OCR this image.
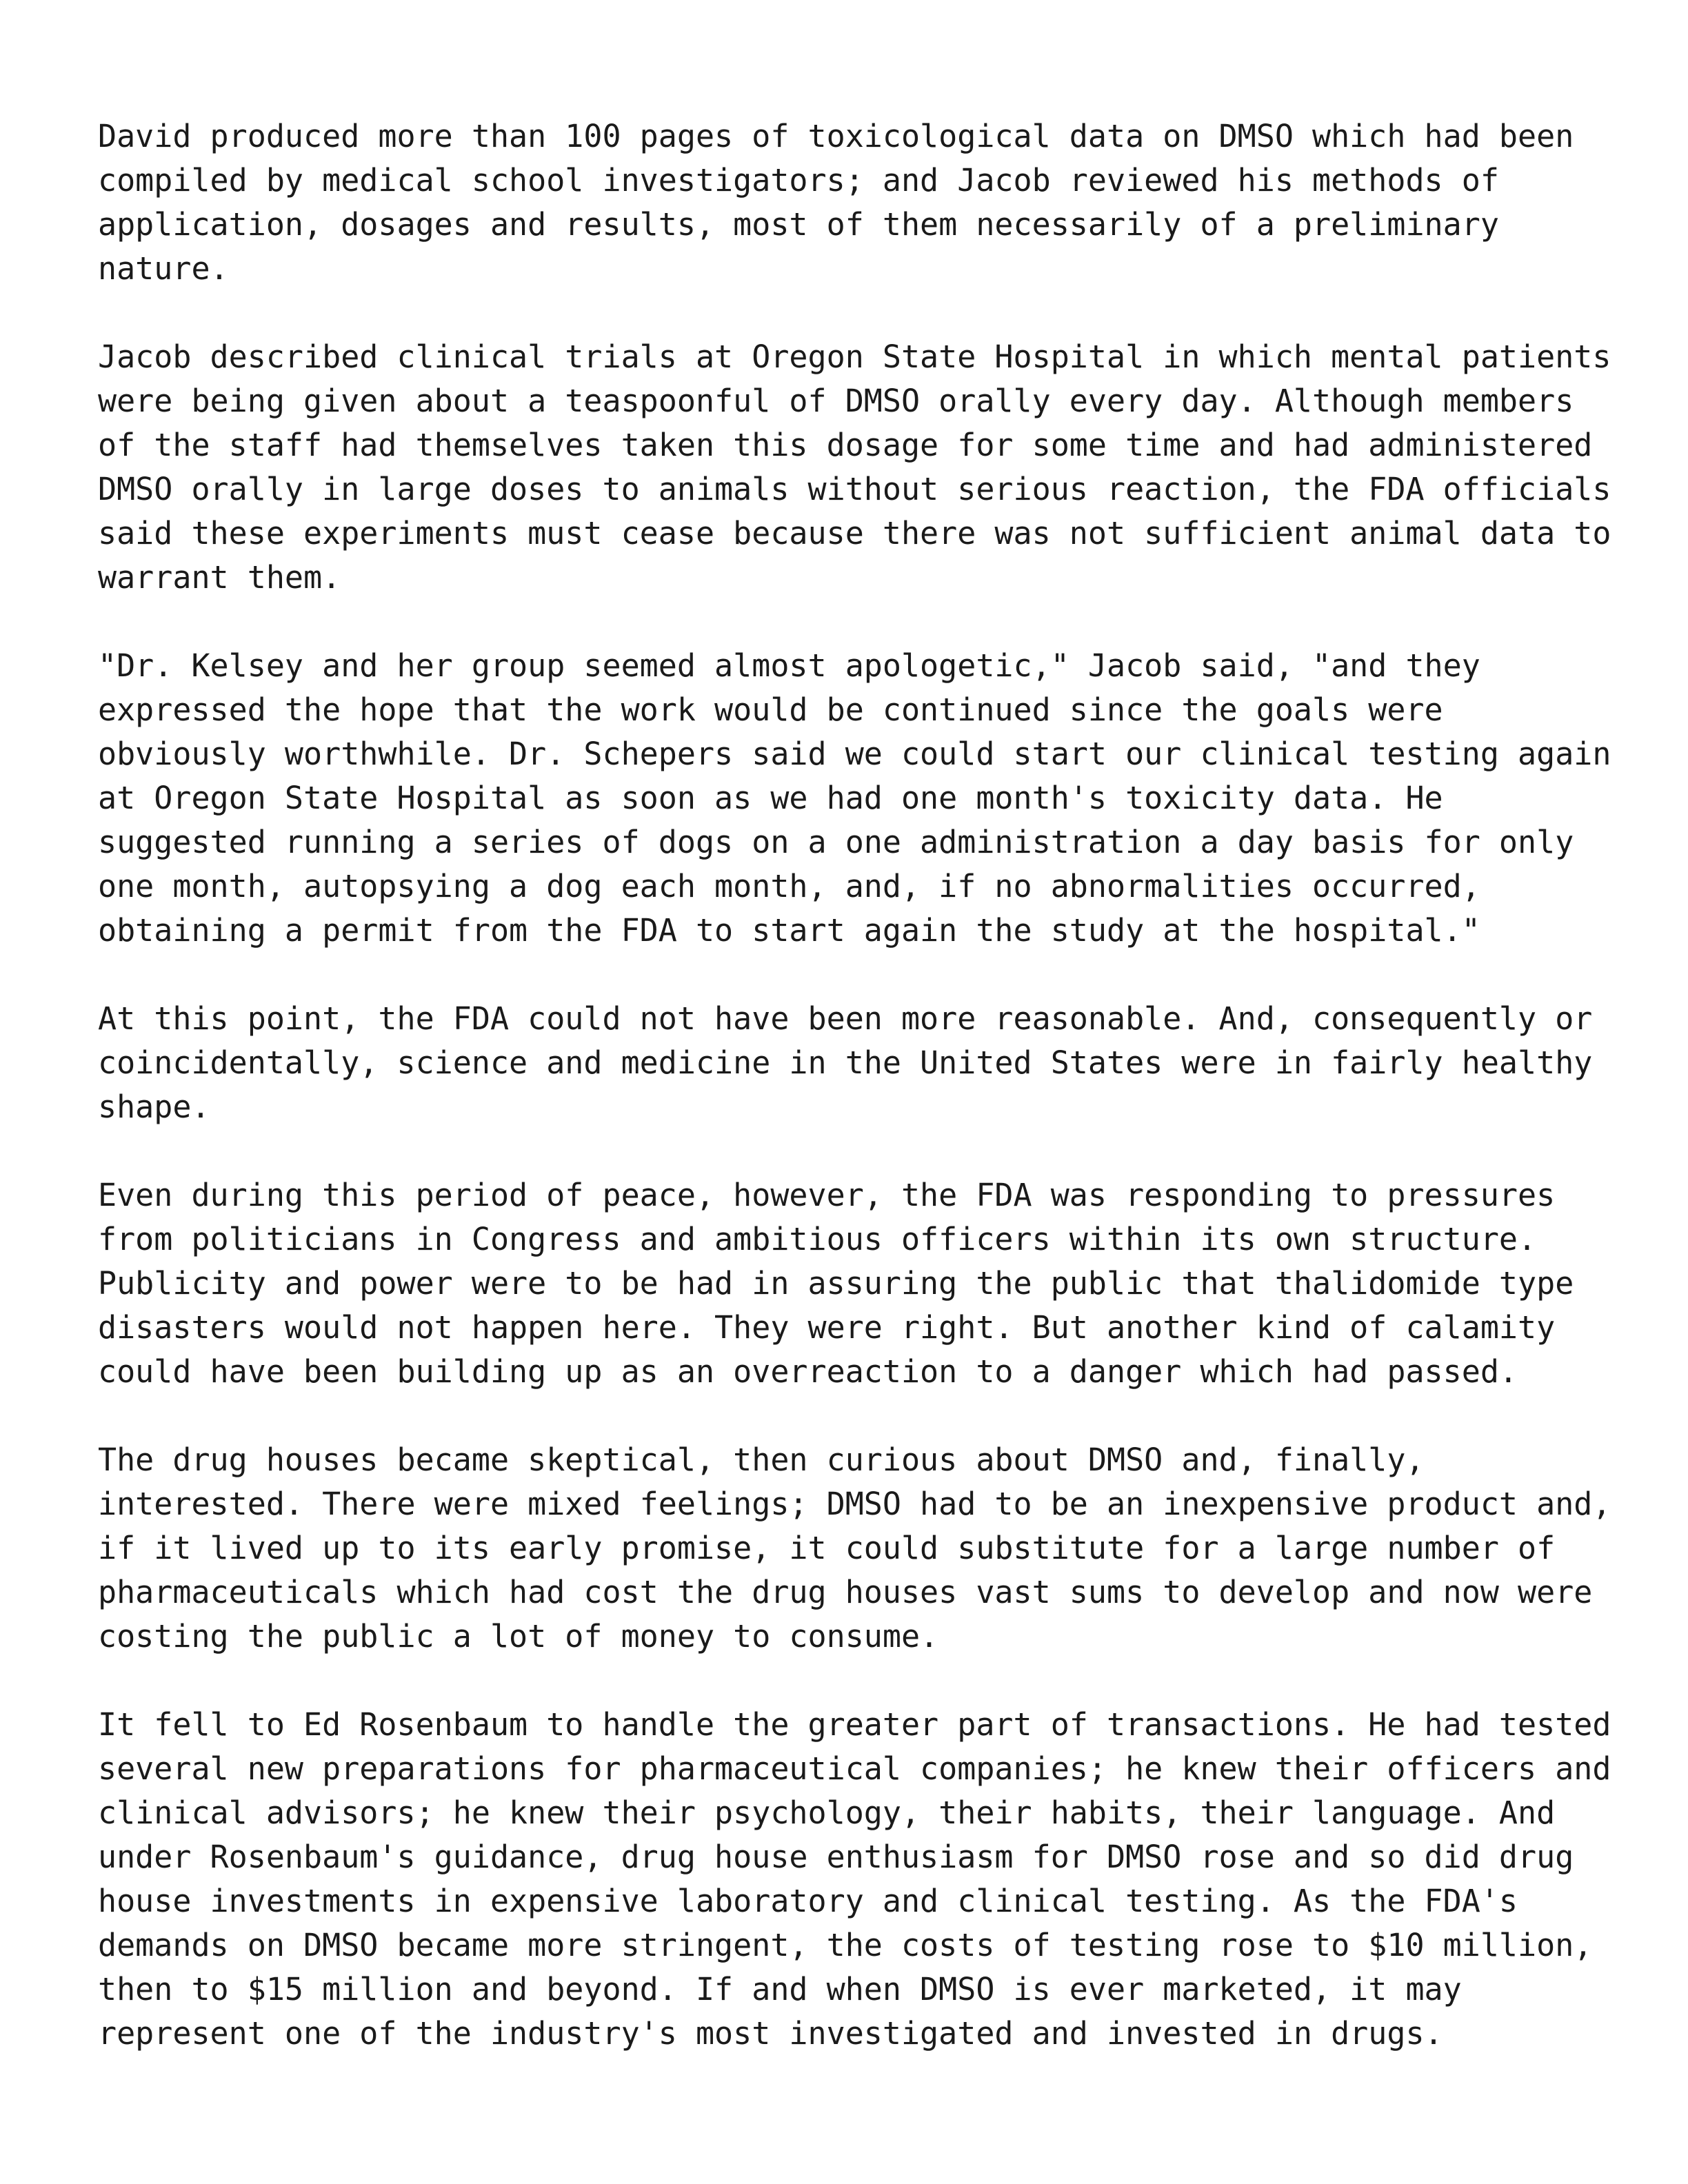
David produced more than 100 pages of toxicological data on DMSO which had been
compiled by medical school investigators; and Jacob reviewed his methods of
application, dosages and results, most of them necessarily of a preliminary
nature.

Jacob described clinical trials at Oregon State Hospital in which mental patients
were being given about a teaspoonful of DMSO orally every day. Although members
of the staff had themselves taken this dosage for some time and had administered
DMSO orally in large doses to animals without serious reaction, the FDA officials
said these experiments must cease because there was not sufficient animal data to
warrant them.

"Dr. Kelsey and her group seemed almost apologetic," Jacob said, "and they
expressed the hope that the work would be continued since the goals were
obviously worthwhile. Dr. Schepers said we could start our clinical testing again
at Oregon State Hospital as soon as we had one month's toxicity data. He
suggested running a series of dogs on a one administration a day basis for only
one month, autopsying a dog each month, and, if no abnormalities occurred,
obtaining a permit from the FDA to start again the study at the hospital."

At this point, the FDA could not have been more reasonable. And, consequently or
coincidentally, science and medicine in the United States were in fairly healthy
shape.

Even during this period of peace, however, the FDA was responding to pressures
from politicians in Congress and ambitious officers within its own structure.
Publicity and power were to be had in assuring the public that thalidomide type
disasters would not happen here. They were right. But another kind of calamity
could have been building up as an overreaction to a danger which had passed.

The drug houses became skeptical, then curious about DMSO and, finally,
interested. There were mixed feelings; DMSO had to be an inexpensive product and,
if it lived up to its early promise, it could substitute for a large number of
pharmaceuticals which had cost the drug houses vast sums to develop and now were
costing the public a lot of money to consume.

It fell to Ed Rosenbaum to handle the greater part of transactions. He had tested
several new preparations for pharmaceutical companies; he knew their officers and
clinical advisors; he knew their psychology, their habits, their language. And
under Rosenbaum's guidance, drug house enthusiasm for DMSO rose and so did drug
house investments in expensive laboratory and clinical testing. As the FDA's
demands on DMSO became more stringent, the costs of testing rose to $10 million,
then to $15 million and beyond. If and when DMSO is ever marketed, it may
represent one of the industry's most investigated and invested in drugs.
